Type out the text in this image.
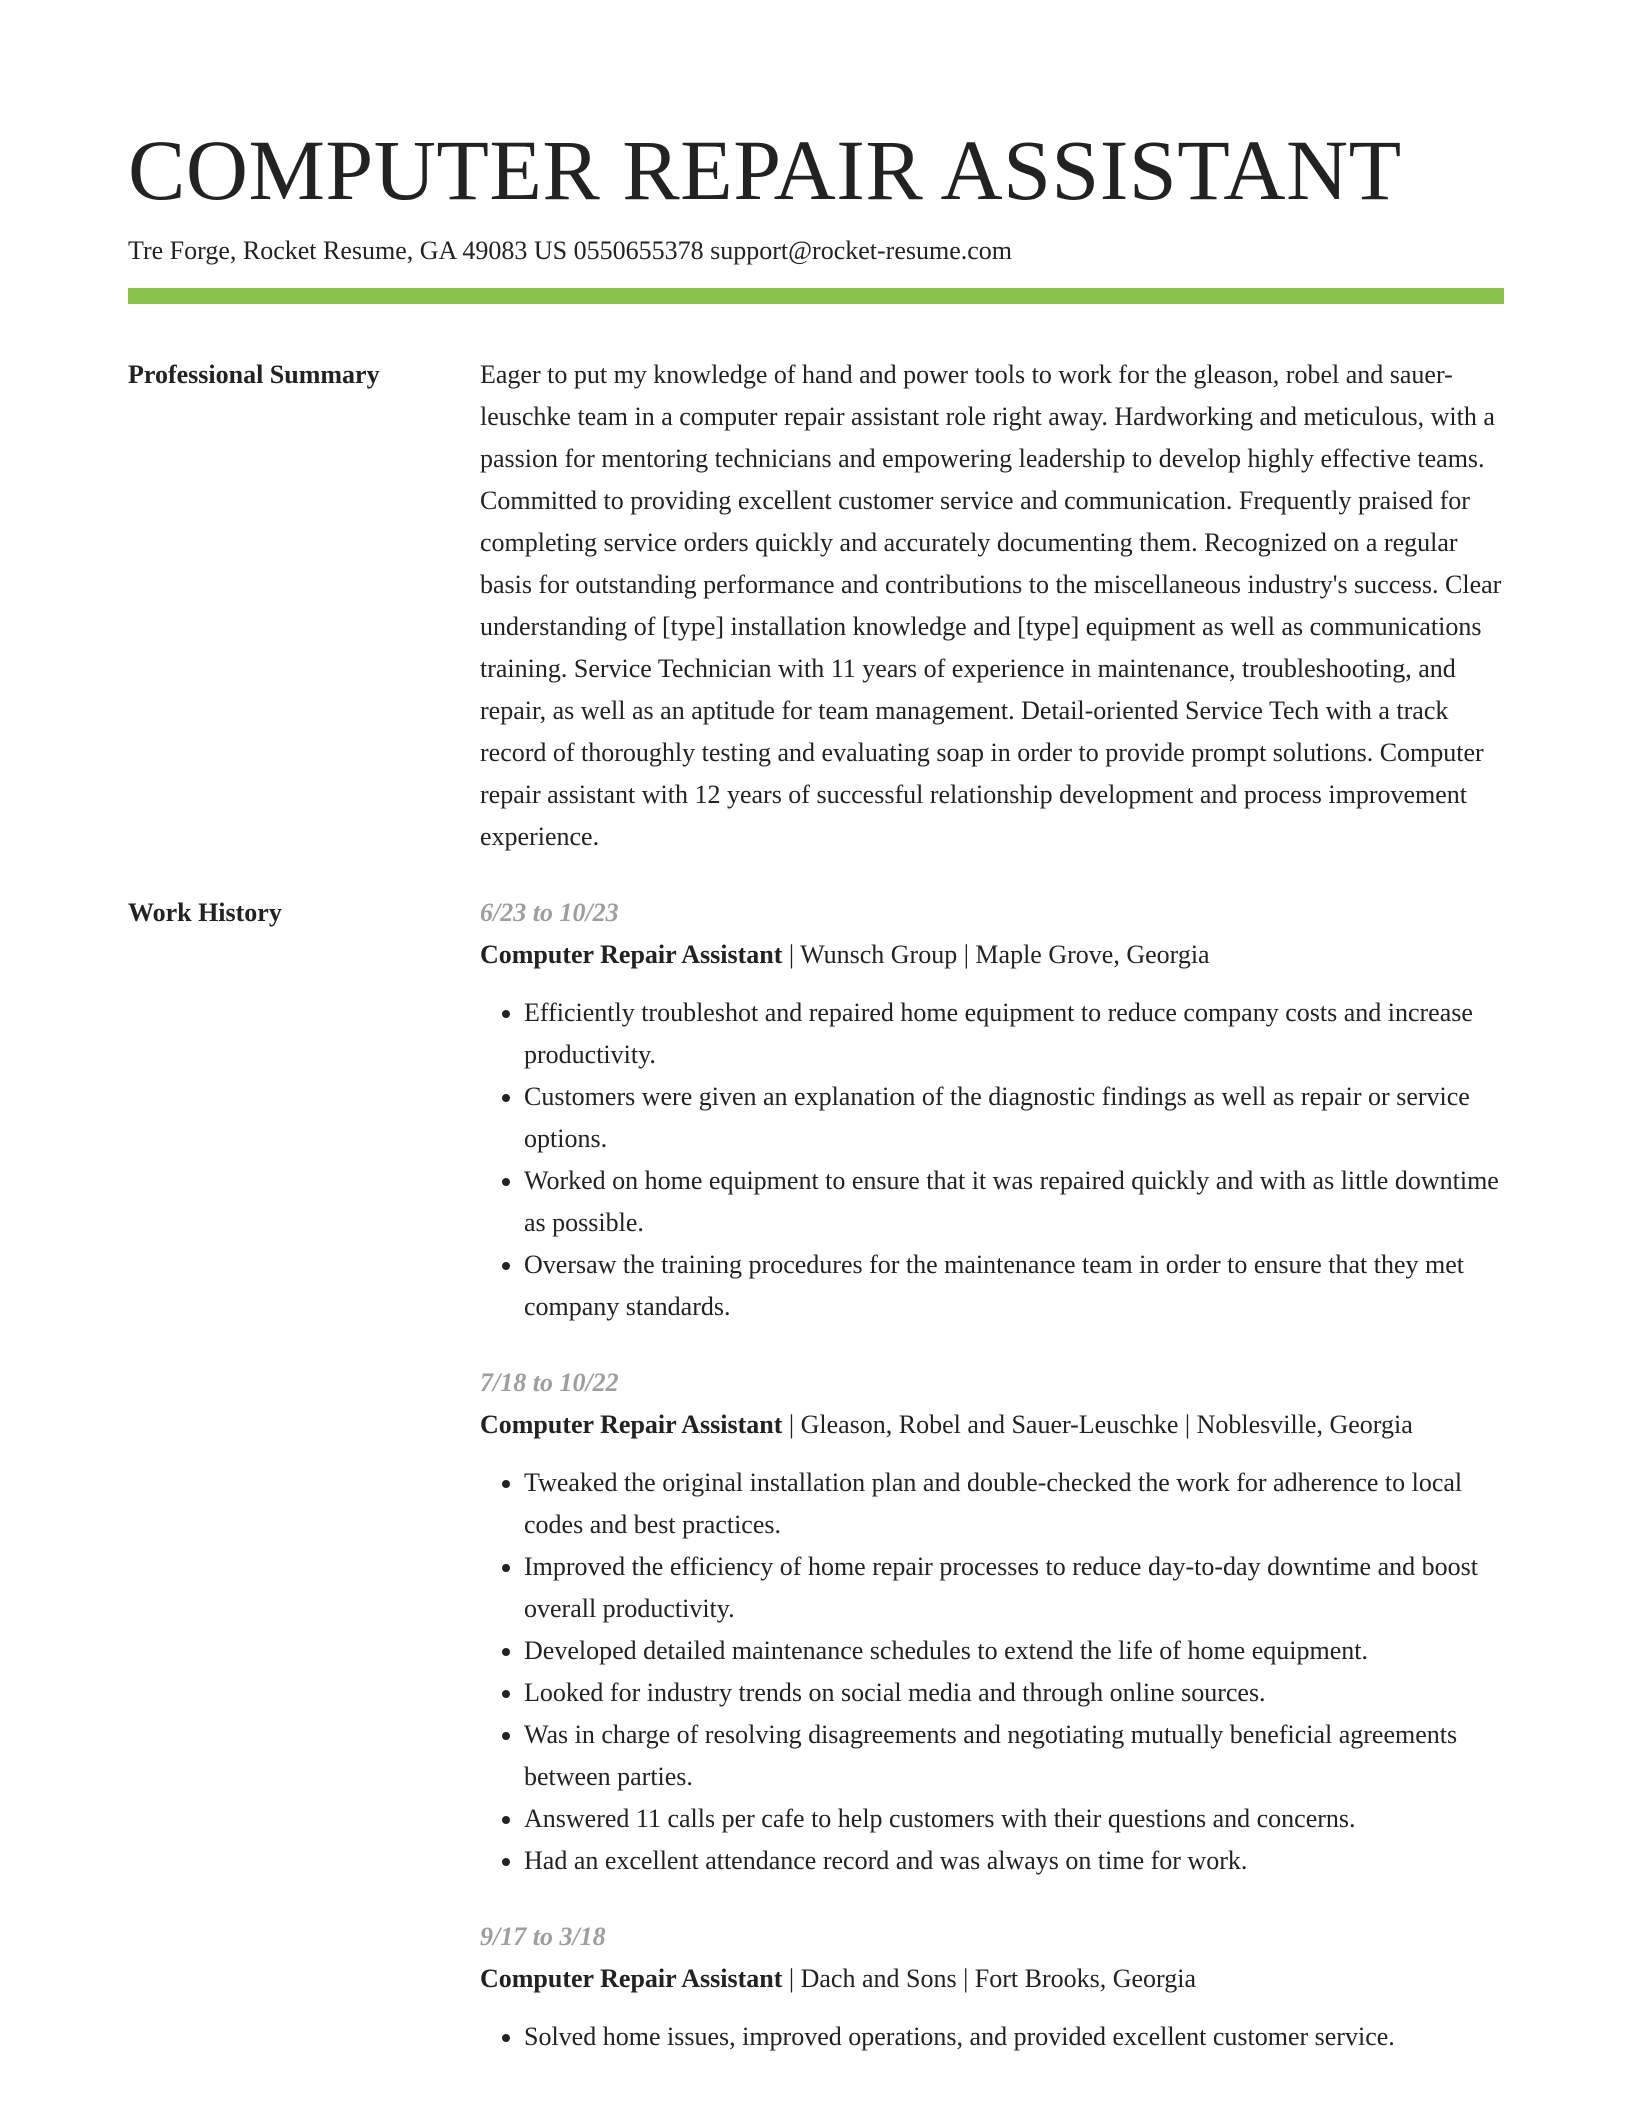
COMPUTER REPAIR ASSISTANT
Tre Forge, Rocket Resume, GA 49083 US 0550655378 support@rocket-resume.com
Professional Summary	Eager to put my knowledge of hand and power tools to work for the gleason, robel and sauer-leuschke team in a computer repair assistant role right away. Hardworking and meticulous, with a passion for mentoring technicians and empowering leadership to develop highly effective teams. Committed to providing excellent customer service and communication. Frequently praised for completing service orders quickly and accurately documenting them. Recognized on a regular basis for outstanding performance and contributions to the miscellaneous industry's success. Clear understanding of [type] installation knowledge and [type] equipment as well as communications training. Service Technician with 11 years of experience in maintenance, troubleshooting, and repair, as well as an aptitude for team management. Detail-oriented Service Tech with a track record of thoroughly testing and evaluating soap in order to provide prompt solutions. Computer repair assistant with 12 years of successful relationship development and process improvement experience.

Work History	6/23 to 10/23
Computer Repair Assistant | Wunsch Group | Maple Grove, Georgia
• Efficiently troubleshot and repaired home equipment to reduce company costs and increase productivity.
• Customers were given an explanation of the diagnostic findings as well as repair or service options.
• Worked on home equipment to ensure that it was repaired quickly and with as little downtime as possible.
• Oversaw the training procedures for the maintenance team in order to ensure that they met company standards.
7/18 to 10/22
Computer Repair Assistant | Gleason, Robel and Sauer-Leuschke | Noblesville, Georgia
• Tweaked the original installation plan and double-checked the work for adherence to local codes and best practices.
• Improved the efficiency of home repair processes to reduce day-to-day downtime and boost overall productivity.
• Developed detailed maintenance schedules to extend the life of home equipment.
• Looked for industry trends on social media and through online sources.
• Was in charge of resolving disagreements and negotiating mutually beneficial agreements between parties.
• Answered 11 calls per cafe to help customers with their questions and concerns.
• Had an excellent attendance record and was always on time for work.
9/17 to 3/18
Computer Repair Assistant | Dach and Sons | Fort Brooks, Georgia
• Solved home issues, improved operations, and provided excellent customer service.
